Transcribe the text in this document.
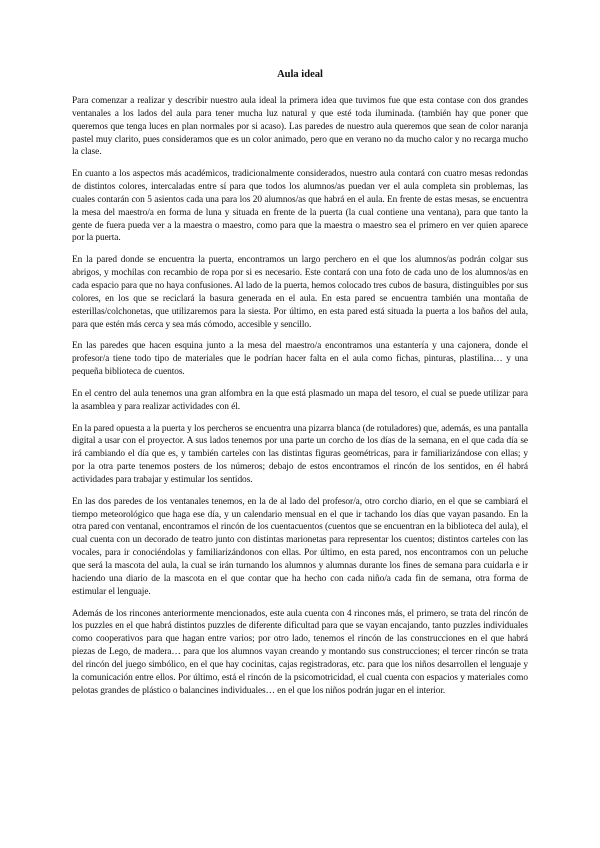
Aula ideal

Para comenzar a realizar y describir nuestro aula ideal la primera idea que tuvimos fue que esta contase con dos grandes ventanales a los lados del aula para tener mucha luz natural y que esté toda iluminada. (también hay que poner que queremos que tenga luces en plan normales por si acaso). Las paredes de nuestro aula queremos que sean de color naranja pastel muy clarito, pues consideramos que es un color animado, pero que en verano no da mucho calor y no recarga mucho la clase.

En cuanto a los aspectos más académicos, tradicionalmente considerados, nuestro aula contará con cuatro mesas redondas de distintos colores, intercaladas entre sí para que todos los alumnos/as puedan ver el aula completa sin problemas, las cuales contarán con 5 asientos cada una para los 20 alumnos/as que habrá en el aula. En frente de estas mesas, se encuentra la mesa del maestro/a en forma de luna y situada en frente de la puerta (la cual contiene una ventana), para que tanto la gente de fuera pueda ver a la maestra o maestro, como para que la maestra o maestro sea el primero en ver quien aparece por la puerta.

En la pared donde se encuentra la puerta, encontramos un largo perchero en el que los alumnos/as podrán colgar sus abrigos, y mochilas con recambio de ropa por si es necesario. Este contará con una foto de cada uno de los alumnos/as en cada espacio para que no haya confusiones. Al lado de la puerta, hemos colocado tres cubos de basura, distinguibles por sus colores, en los que se reciclará la basura generada en el aula. En esta pared se encuentra también una montaña de esterillas/colchonetas, que utilizaremos para la siesta. Por último, en esta pared está situada la puerta a los baños del aula, para que estén más cerca y sea más cómodo, accesible y sencillo.

En las paredes que hacen esquina junto a la mesa del maestro/a encontramos una estantería y una cajonera, donde el profesor/a tiene todo tipo de materiales que le podrían hacer falta en el aula como fichas, pinturas, plastilina… y una pequeña biblioteca de cuentos.

En el centro del aula tenemos una gran alfombra en la que está plasmado un mapa del tesoro, el cual se puede utilizar para la asamblea y para realizar actividades con él.

En la pared opuesta a la puerta y los percheros se encuentra una pizarra blanca (de rotuladores) que, además, es una pantalla digital a usar con el proyector. A sus lados tenemos por una parte un corcho de los días de la semana, en el que cada día se irá cambiando el día que es, y también carteles con las distintas figuras geométricas, para ir familiarizándose con ellas; y por la otra parte tenemos posters de los números; debajo de estos encontramos el rincón de los sentidos, en él habrá actividades para trabajar y estimular los sentidos.

En las dos paredes de los ventanales tenemos, en la de al lado del profesor/a, otro corcho diario, en el que se cambiará el tiempo meteorológico que haga ese día, y un calendario mensual en el que ir tachando los días que vayan pasando. En la otra pared con ventanal, encontramos el rincón de los cuentacuentos (cuentos que se encuentran en la biblioteca del aula), el cual cuenta con un decorado de teatro junto con distintas marionetas para representar los cuentos; distintos carteles con las vocales, para ir conociéndolas y familiarizándonos con ellas. Por último, en esta pared, nos encontramos con un peluche que será la mascota del aula, la cual se irán turnando los alumnos y alumnas durante los fines de semana para cuidarla e ir haciendo una diario de la mascota en el que contar que ha hecho con cada niño/a cada fin de semana, otra forma de estimular el lenguaje.

Además de los rincones anteriormente mencionados, este aula cuenta con 4 rincones más, el primero, se trata del rincón de los puzzles en el que habrá distintos puzzles de diferente dificultad para que se vayan encajando, tanto puzzles individuales como cooperativos para que hagan entre varios; por otro lado, tenemos el rincón de las construcciones en el que habrá piezas de Lego, de madera… para que los alumnos vayan creando y montando sus construcciones; el tercer rincón se trata del rincón del juego simbólico, en el que hay cocinitas, cajas registradoras, etc. para que los niños desarrollen el lenguaje y la comunicación entre ellos. Por último, está el rincón de la psicomotricidad, el cual cuenta con espacios y materiales como pelotas grandes de plástico o balancines individuales… en el que los niños podrán jugar en el interior.
